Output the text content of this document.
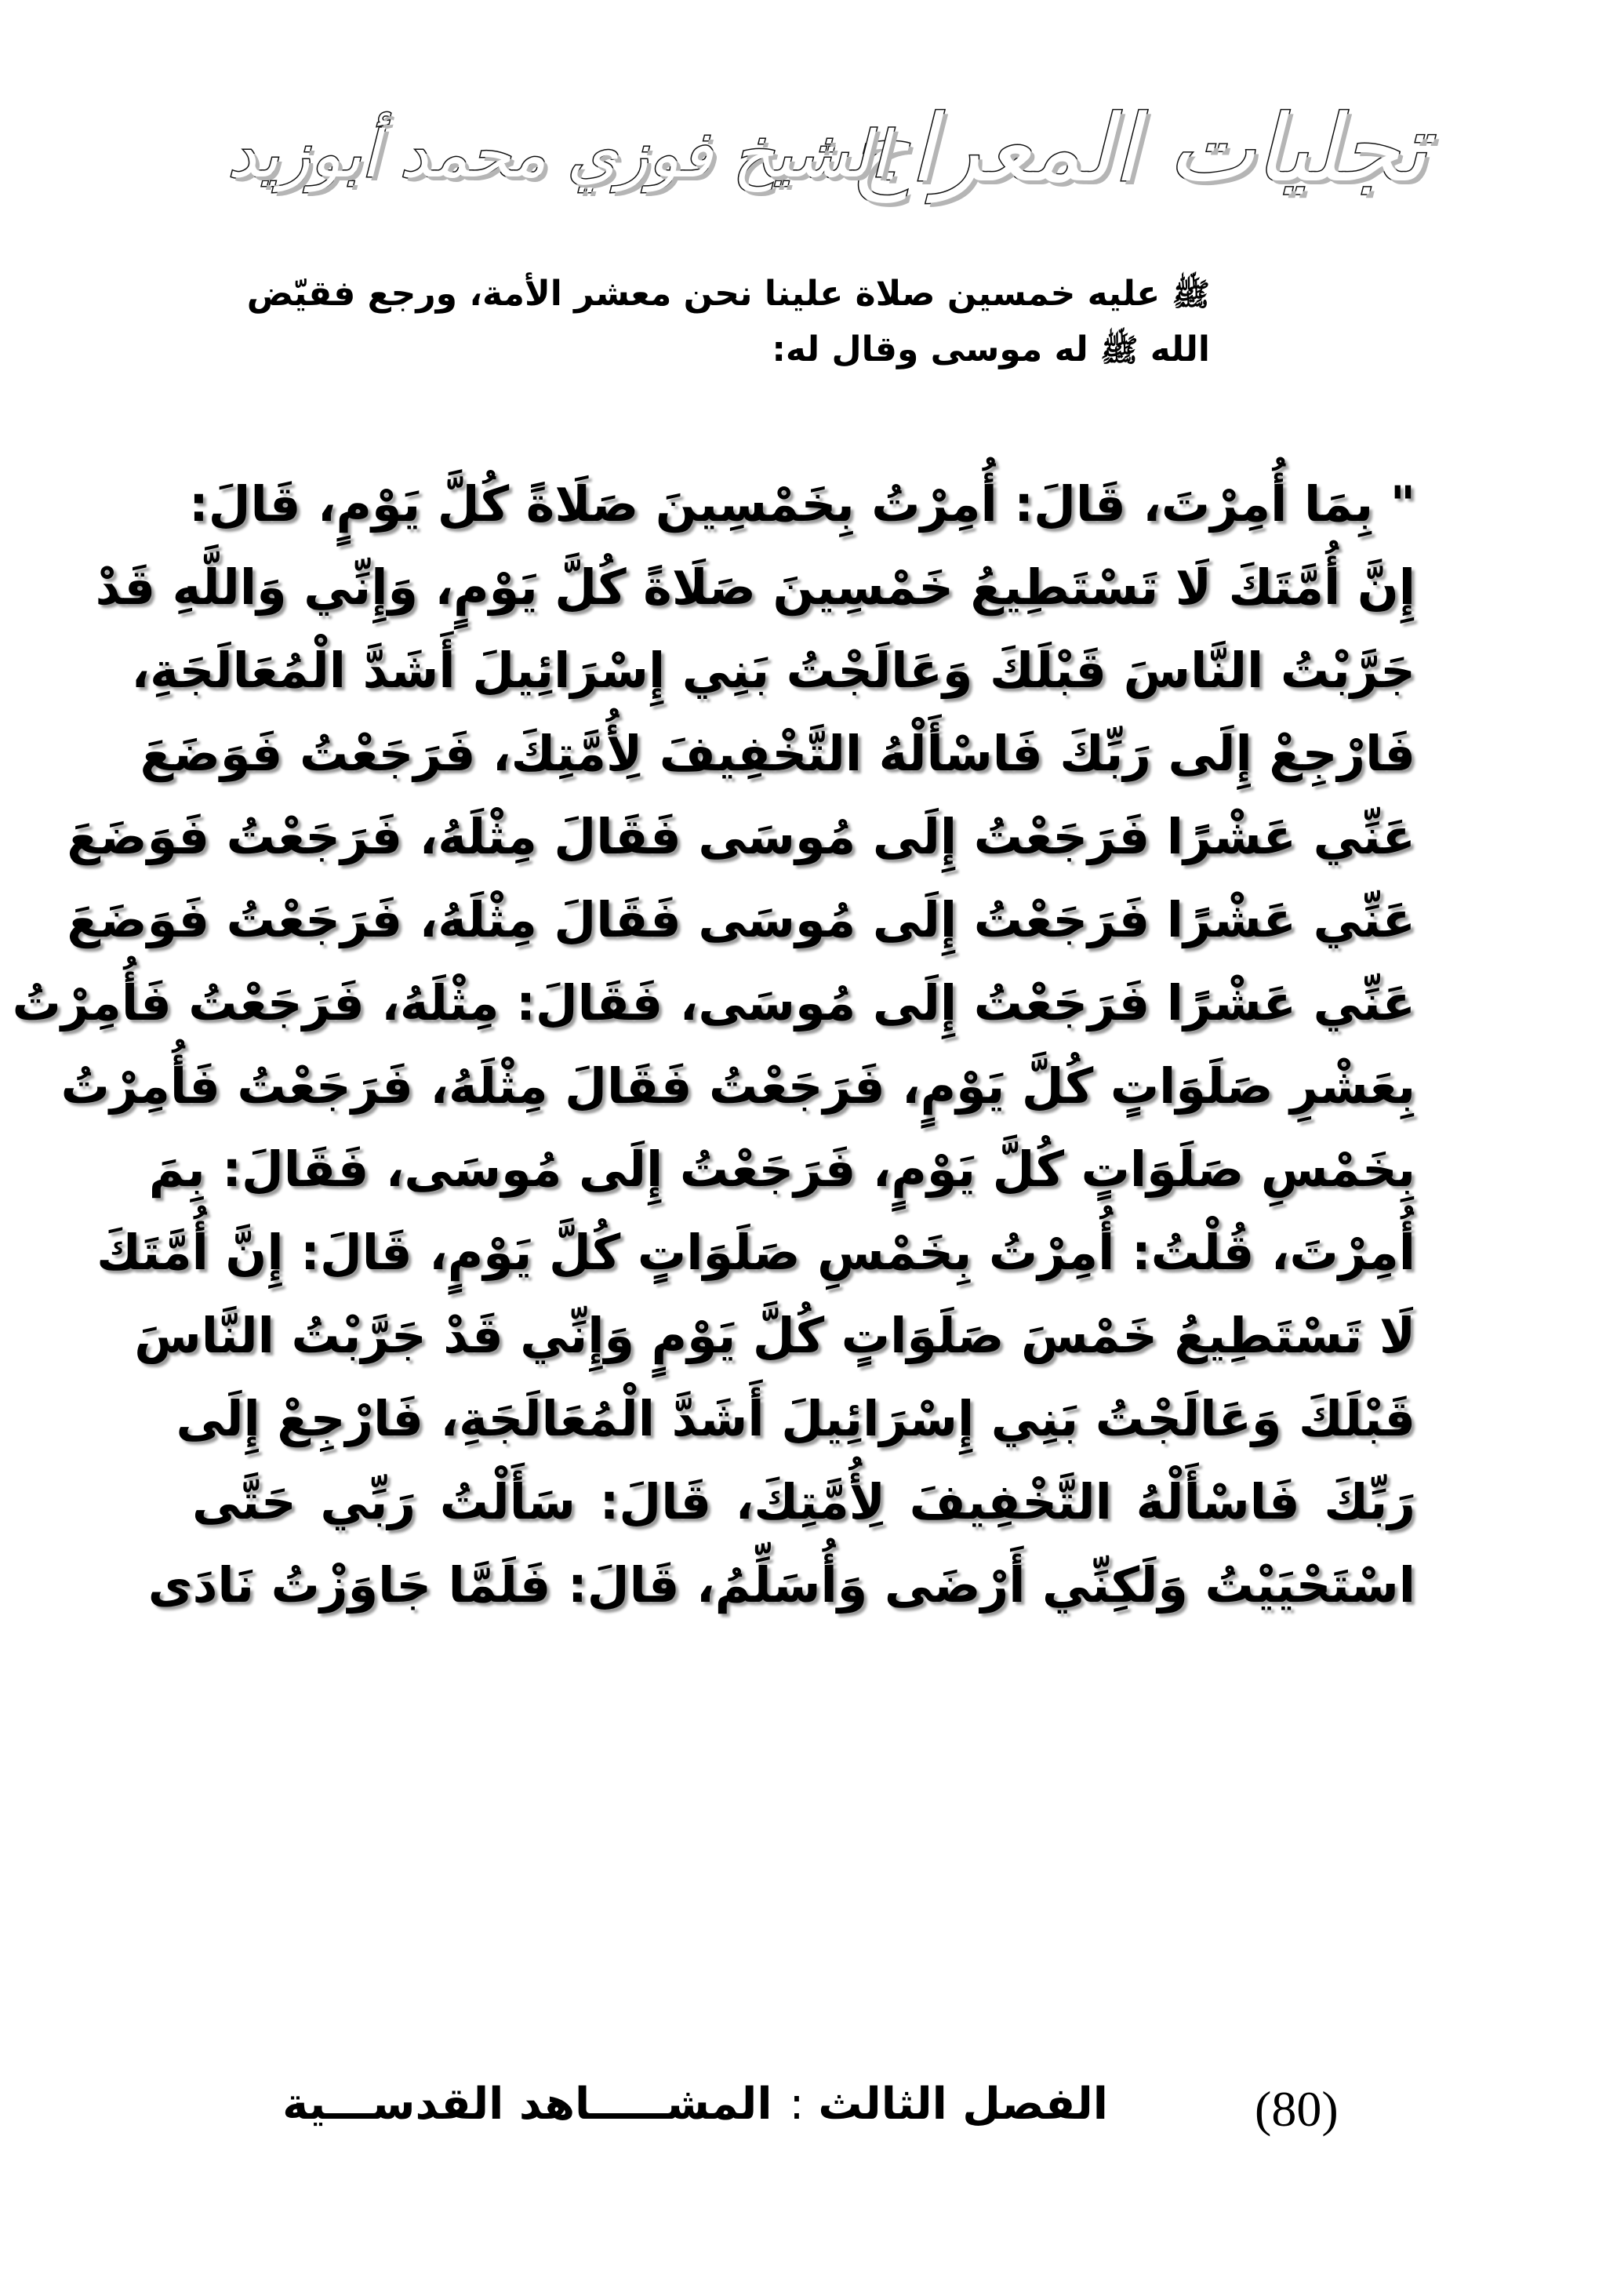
تجليات المعراج
الشيخ فوزي محمد أبوزيد

ﷺ عليه خمسين صلاة علينا نحن معشر الأمة، ورجع فقيّض

الله ﷺ له موسى وقال له:

" بِمَا أُمِرْتَ، قَالَ: أُمِرْتُ بِخَمْسِينَ صَلَاةً كُلَّ يَوْمٍ، قَالَ:
إِنَّ أُمَّتَكَ لَا تَسْتَطِيعُ خَمْسِينَ صَلَاةً كُلَّ يَوْمٍ، وَإِنِّي وَاللَّهِ قَدْ
جَرَّبْتُ النَّاسَ قَبْلَكَ وَعَالَجْتُ بَنِي إِسْرَائِيلَ أَشَدَّ الْمُعَالَجَةِ،
فَارْجِعْ إِلَى رَبِّكَ فَاسْأَلْهُ التَّخْفِيفَ لِأُمَّتِكَ، فَرَجَعْتُ فَوَضَعَ
عَنِّي عَشْرًا فَرَجَعْتُ إِلَى مُوسَى فَقَالَ مِثْلَهُ، فَرَجَعْتُ فَوَضَعَ
عَنِّي عَشْرًا فَرَجَعْتُ إِلَى مُوسَى فَقَالَ مِثْلَهُ، فَرَجَعْتُ فَوَضَعَ
عَنِّي عَشْرًا فَرَجَعْتُ إِلَى مُوسَى، فَقَالَ: مِثْلَهُ، فَرَجَعْتُ فَأُمِرْتُ
بِعَشْرِ صَلَوَاتٍ كُلَّ يَوْمٍ، فَرَجَعْتُ فَقَالَ مِثْلَهُ، فَرَجَعْتُ فَأُمِرْتُ
بِخَمْسِ صَلَوَاتٍ كُلَّ يَوْمٍ، فَرَجَعْتُ إِلَى مُوسَى، فَقَالَ: بِمَ
أُمِرْتَ، قُلْتُ: أُمِرْتُ بِخَمْسِ صَلَوَاتٍ كُلَّ يَوْمٍ، قَالَ: إِنَّ أُمَّتَكَ
لَا تَسْتَطِيعُ خَمْسَ صَلَوَاتٍ كُلَّ يَوْمٍ وَإِنِّي قَدْ جَرَّبْتُ النَّاسَ
قَبْلَكَ وَعَالَجْتُ بَنِي إِسْرَائِيلَ أَشَدَّ الْمُعَالَجَةِ، فَارْجِعْ إِلَى
رَبِّكَ فَاسْأَلْهُ التَّخْفِيفَ لِأُمَّتِكَ، قَالَ: سَأَلْتُ رَبِّي حَتَّى
اسْتَحْيَيْتُ وَلَكِنِّي أَرْضَى وَأُسَلِّمُ، قَالَ: فَلَمَّا جَاوَزْتُ نَادَى
الفصل الثالث:المشـــــاهد القدســـية	(80)
